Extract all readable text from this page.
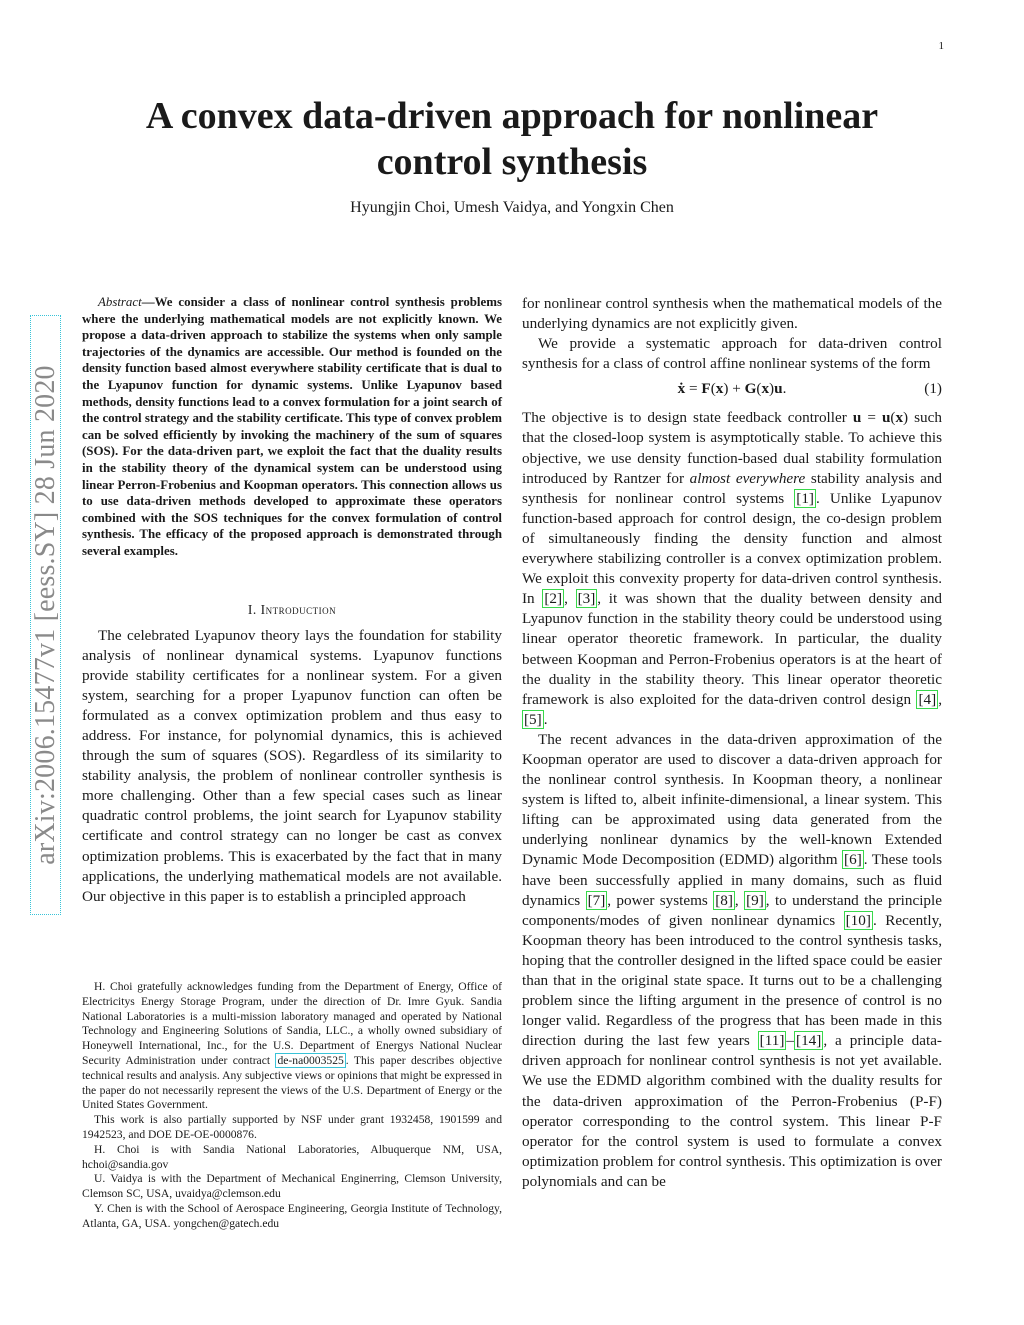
1
arXiv:2006.15477v1 [eess.SY] 28 Jun 2020
A convex data-driven approach for nonlinear
control synthesis
Hyungjin Choi, Umesh Vaidya, and Yongxin Chen

Abstract—We consider a class of nonlinear control synthesis problems where the underlying mathematical models are not explicitly known. We propose a data-driven approach to stabilize the systems when only sample trajectories of the dynamics are accessible. Our method is founded on the density function based almost everywhere stability certificate that is dual to the Lyapunov function for dynamic systems. Unlike Lyapunov based methods, density functions lead to a convex formulation for a joint search of the control strategy and the stability certificate. This type of convex problem can be solved efficiently by invoking the machinery of the sum of squares (SOS). For the data-driven part, we exploit the fact that the duality results in the stability theory of the dynamical system can be understood using linear Perron-Frobenius and Koopman operators. This connection allows us to use data-driven methods developed to approximate these operators combined with the SOS techniques for the convex formulation of control synthesis. The efficacy of the proposed approach is demonstrated through several examples.

I. Introduction

The celebrated Lyapunov theory lays the foundation for stability analysis of nonlinear dynamical systems. Lyapunov functions provide stability certificates for a nonlinear system. For a given system, searching for a proper Lyapunov function can often be formulated as a convex optimization problem and thus easy to address. For instance, for polynomial dynamics, this is achieved through the sum of squares (SOS). Regardless of its similarity to stability analysis, the problem of nonlinear controller synthesis is more challenging. Other than a few special cases such as linear quadratic control problems, the joint search for Lyapunov stability certificate and control strategy can no longer be cast as convex optimization problems. This is exacerbated by the fact that in many applications, the underlying mathematical models are not available. Our objective in this paper is to establish a principled approach

H. Choi gratefully acknowledges funding from the Department of Energy, Office of Electricitys Energy Storage Program, under the direction of Dr. Imre Gyuk. Sandia National Laboratories is a multi-mission laboratory managed and operated by National Technology and Engineering Solutions of Sandia, LLC., a wholly owned subsidiary of Honeywell International, Inc., for the U.S. Department of Energys National Nuclear Security Administration under contract de-na0003525 . This paper describes objective technical results and analysis. Any subjective views or opinions that might be expressed in the paper do not necessarily represent the views of the U.S. Department of Energy or the United States Government.

This work is also partially supported by NSF under grant 1932458, 1901599 and 1942523, and DOE DE-OE-0000876.

H. Choi is with Sandia National Laboratories, Albuquerque NM, USA, hchoi@sandia.gov

U. Vaidya is with the Department of Mechanical Enginerring, Clemson University, Clemson SC, USA, uvaidya@clemson.edu

Y. Chen is with the School of Aerospace Engineering, Georgia Institute of Technology, Atlanta, GA, USA. yongchen@gatech.edu

for nonlinear control synthesis when the mathematical models of the underlying dynamics are not explicitly given.

We provide a systematic approach for data-driven control synthesis for a class of control affine nonlinear systems of the form

ẋ = F(x) + G(x)u.	(1)

The objective is to design state feedback controller u = u(x) such that the closed-loop system is asymptotically stable. To achieve this objective, we use density function-based dual stability formulation introduced by Rantzer for almost everywhere stability analysis and synthesis for nonlinear control systems [1] . Unlike Lyapunov function-based approach for control design, the co-design problem of simultaneously finding the density function and almost everywhere stabilizing controller is a convex optimization problem. We exploit this convexity property for data-driven control synthesis. In [2] , [3] , it was shown that the duality between density and Lyapunov function in the stability theory could be understood using linear operator theoretic framework. In particular, the duality between Koopman and Perron-Frobenius operators is at the heart of the duality in the stability theory. This linear operator theoretic framework is also exploited for the data-driven control design [4] , [5] .

The recent advances in the data-driven approximation of the Koopman operator are used to discover a data-driven approach for the nonlinear control synthesis. In Koopman theory, a nonlinear system is lifted to, albeit infinite-dimensional, a linear system. This lifting can be approximated using data generated from the underlying nonlinear dynamics by the well-known Extended Dynamic Mode Decomposition (EDMD) algorithm [6] . These tools have been successfully applied in many domains, such as fluid dynamics [7] , power systems [8] , [9] , to understand the principle components/modes of given nonlinear dynamics [10] . Recently, Koopman theory has been introduced to the control synthesis tasks, hoping that the controller designed in the lifted space could be easier than that in the original state space. It turns out to be a challenging problem since the lifting argument in the presence of control is no longer valid. Regardless of the progress that has been made in this direction during the last few years [11] – [14] , a principle data-driven approach for nonlinear control synthesis is not yet available. We use the EDMD algorithm combined with the duality results for the data-driven approximation of the Perron-Frobenius (P-F) operator corresponding to the control system. This linear P-F operator for the control system is used to formulate a convex optimization problem for control synthesis. This optimization is over polynomials and can be
